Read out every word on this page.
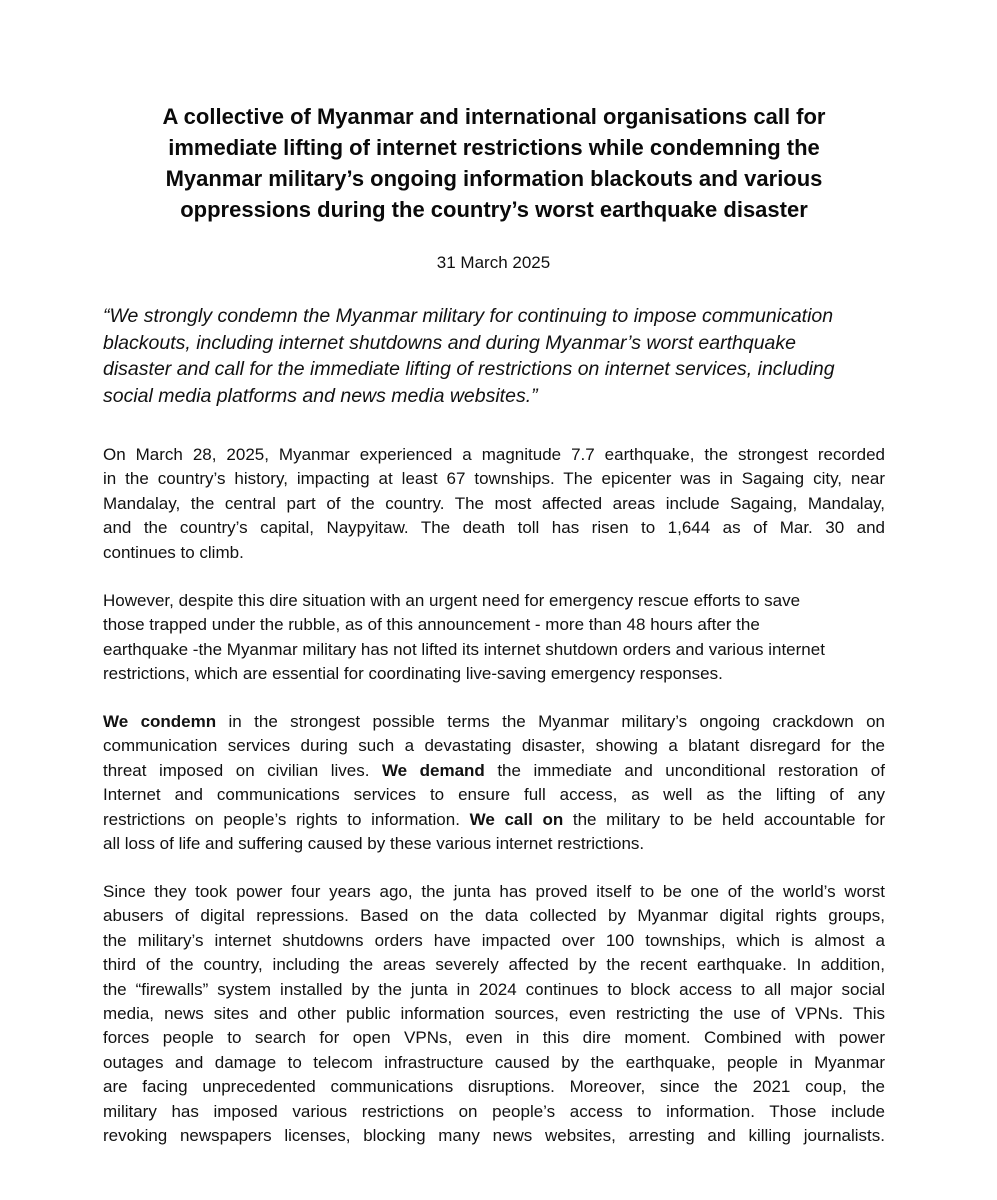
A collective of Myanmar and international organisations call for
immediate lifting of internet restrictions while condemning the
Myanmar military’s ongoing information blackouts and various
oppressions during the country’s worst earthquake disaster
31 March 2025
“We strongly condemn the Myanmar military for continuing to impose communication
blackouts, including internet shutdowns and during Myanmar’s worst earthquake
disaster and call for the immediate lifting of restrictions on internet services, including
social media platforms and news media websites.”
On March 28, 2025, Myanmar experienced a magnitude 7.7 earthquake, the strongest recorded
in the country’s history, impacting at least 67 townships. The epicenter was in Sagaing city, near
Mandalay, the central part of the country. The most affected areas include Sagaing, Mandalay,
and the country’s capital, Naypyitaw. The death toll has risen to 1,644 as of Mar. 30 and
continues to climb.
However, despite this dire situation with an urgent need for emergency rescue efforts to save
those trapped under the rubble, as of this announcement - more than 48 hours after the
earthquake -the Myanmar military has not lifted its internet shutdown orders and various internet
restrictions, which are essential for coordinating live-saving emergency responses.
We condemn in the strongest possible terms the Myanmar military’s ongoing crackdown on
communication services during such a devastating disaster, showing a blatant disregard for the
threat imposed on civilian lives. We demand the immediate and unconditional restoration of
Internet and communications services to ensure full access, as well as the lifting of any
restrictions on people’s rights to information. We call on the military to be held accountable for
all loss of life and suffering caused by these various internet restrictions.
Since they took power four years ago, the junta has proved itself to be one of the world’s worst
abusers of digital repressions. Based on the data collected by Myanmar digital rights groups,
the military’s internet shutdowns orders have impacted over 100 townships, which is almost a
third of the country, including the areas severely affected by the recent earthquake. In addition,
the “firewalls” system installed by the junta in 2024 continues to block access to all major social
media, news sites and other public information sources, even restricting the use of VPNs. This
forces people to search for open VPNs, even in this dire moment. Combined with power
outages and damage to telecom infrastructure caused by the earthquake, people in Myanmar
are facing unprecedented communications disruptions. Moreover, since the 2021 coup, the
military has imposed various restrictions on people’s access to information. Those include
revoking newspapers licenses, blocking many news websites, arresting and killing journalists.
